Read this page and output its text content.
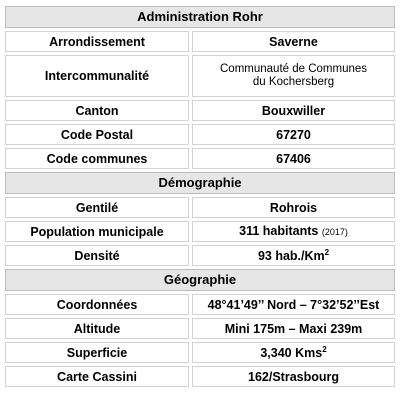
Administration Rohr	
Arrondissement	Saverne
Intercommunalité	Communauté de Communes
du Kochersberg
Canton	Bouxwiller
Code Postal	67270
Code communes	67406
Démographie	
Gentilé	Rohrois
Population municipale	311 habitants (2017)
Densité	93 hab./Km$^2$
Géographie	
Coordonnées	48°41’49’’ Nord – 7°32’52’’Est
Altitude	Mini 175m – Maxi 239m
Superficie	3,340 Kms$^2$
Carte Cassini	162/Strasbourg
